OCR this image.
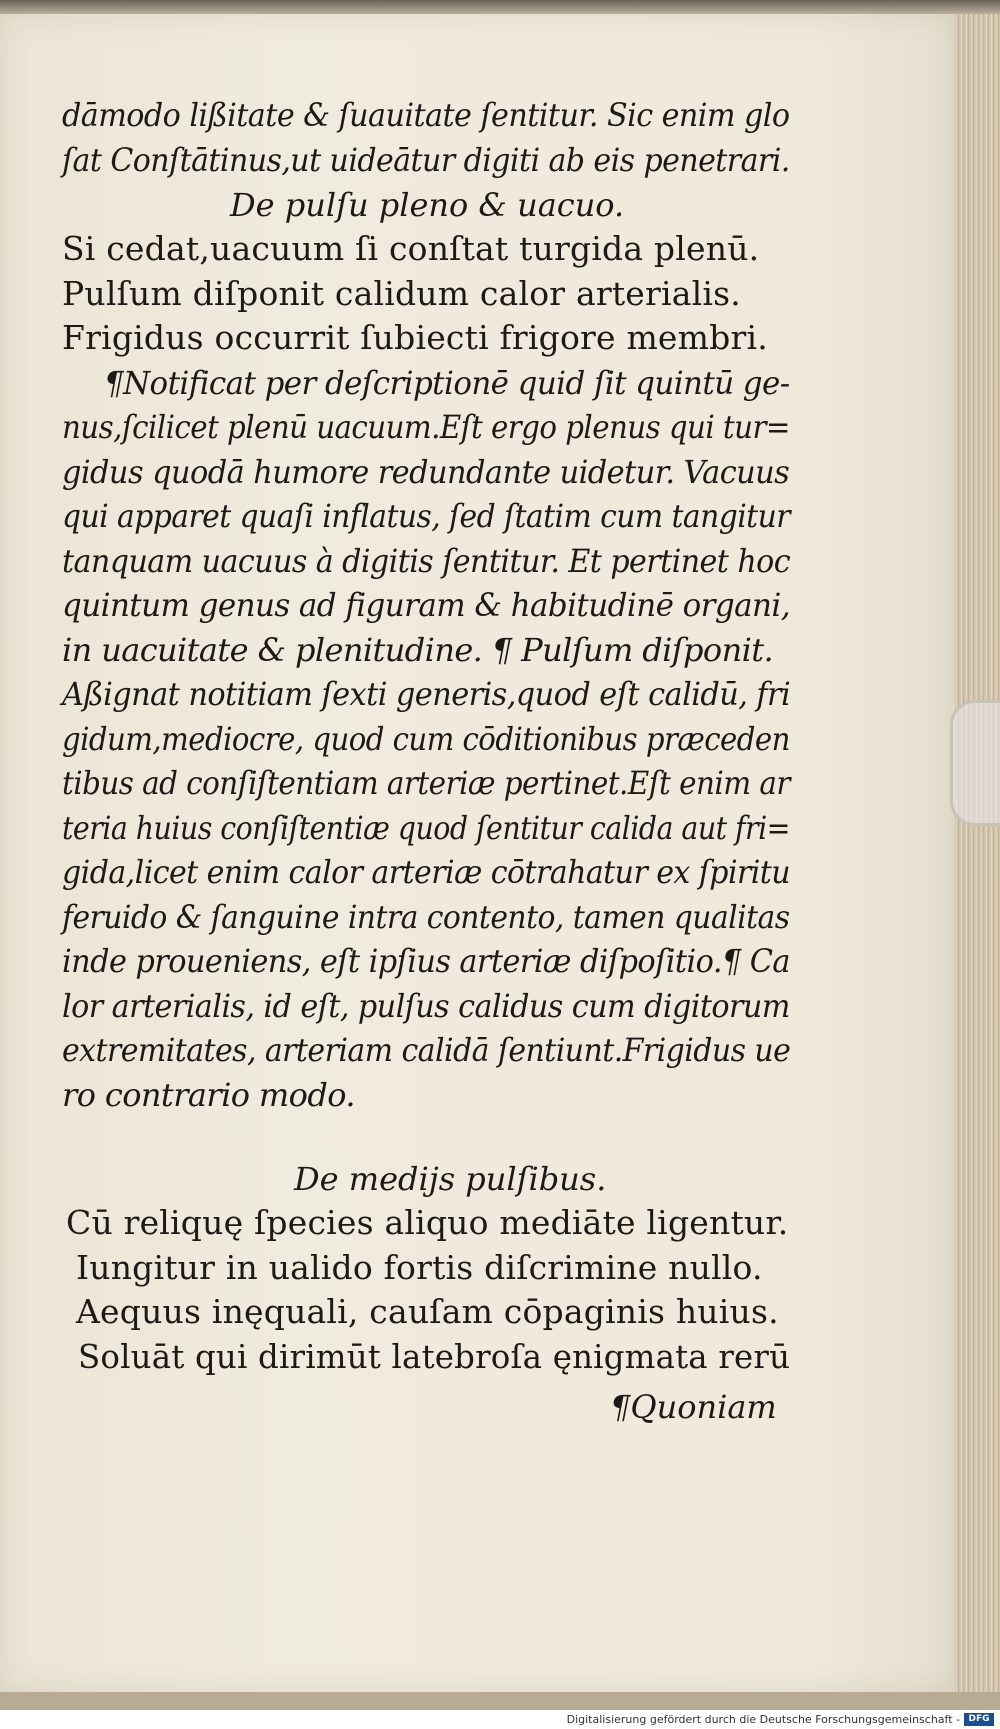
dāmodo lißitate & ſuauitate ſentitur. Sic enim glo
ſat Conſtātinus,ut uideātur digiti ab eis penetrari.
De pulſu pleno & uacuo.
Si cedat,uacuum ſi conſtat turgida plenū.
Pulſum diſponit calidum calor arterialis.
Frigidus occurrit ſubiecti frigore membri.
¶Notificat per deſcriptionē quid ſit quintū ge-
nus,ſcilicet plenū uacuum.Eſt ergo plenus qui tur=
gidus quodā humore redundante uidetur. Vacuus
qui apparet quaſi inflatus, ſed ſtatim cum tangitur
tanquam uacuus à digitis ſentitur. Et pertinet hoc
quintum genus ad figuram & habitudinē organi,
in uacuitate & plenitudine. ¶ Pulſum diſponit.
Aßignat notitiam ſexti generis,quod eſt calidū, fri
gidum,mediocre, quod cum cōditionibus præceden
tibus ad conſiſtentiam arteriæ pertinet.Eſt enim ar
teria huius conſiſtentiæ quod ſentitur calida aut fri=
gida,licet enim calor arteriæ cōtrahatur ex ſpiritu
feruido & ſanguine intra contento, tamen qualitas
inde proueniens, eſt ipſius arteriæ diſpoſitio.¶ Ca
lor arterialis, id eſt, pulſus calidus cum digitorum
extremitates, arteriam calidā ſentiunt.Frigidus ue
ro contrario modo.
De medijs pulſibus.
Cū reliquę ſpecies aliquo mediāte ligentur.
Iungitur in ualido fortis diſcrimine nullo.
Aequus inęquali, cauſam cōpaginis huius.
Soluāt qui dirimūt latebroſa ęnigmata rerū
¶Quoniam
Digitalisierung gefördert durch die Deutsche Forschungsgemeinschaft - DFG
